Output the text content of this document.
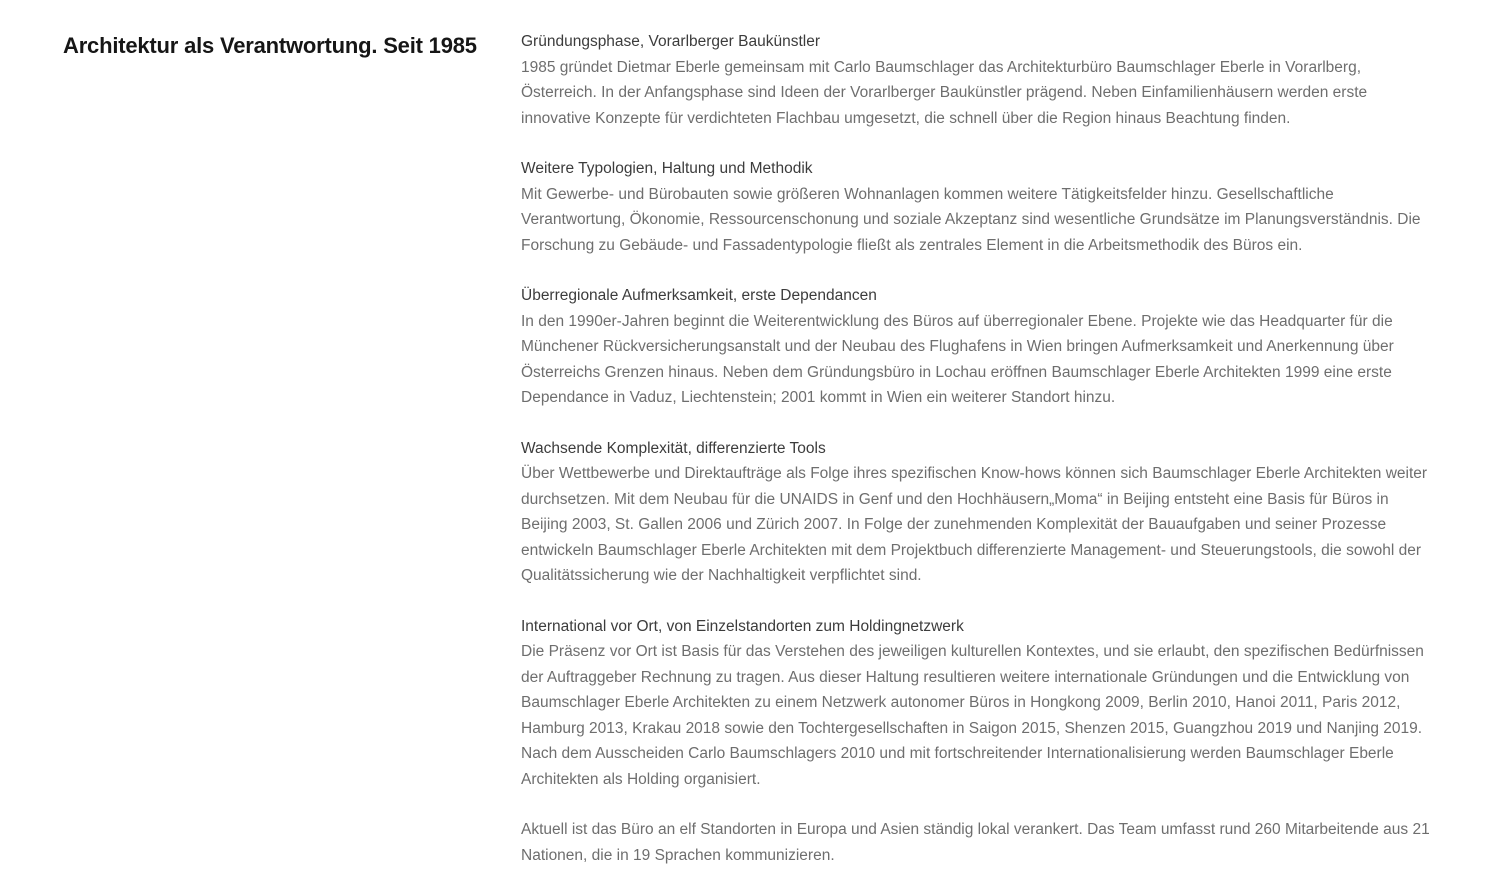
Architektur als Verantwortung. Seit 1985	Gründungsphase, Vorarlberger Baukünstler

1985 gründet Dietmar Eberle gemeinsam mit Carlo Baumschlager das Architekturbüro Baumschlager Eberle in Vorarlberg, Österreich. In der Anfangsphase sind Ideen der Vorarlberger Baukünstler prägend. Neben Einfamilienhäusern werden erste innovative Konzepte für verdichteten Flachbau umgesetzt, die schnell über die Region hinaus Beachtung finden.

Weitere Typologien, Haltung und Methodik

Mit Gewerbe- und Bürobauten sowie größeren Wohnanlagen kommen weitere Tätigkeitsfelder hinzu. Gesellschaftliche Verantwortung, Ökonomie, Ressourcenschonung und soziale Akzeptanz sind wesentliche Grundsätze im Planungsverständnis. Die Forschung zu Gebäude- und Fassadentypologie fließt als zentrales Element in die Arbeitsmethodik des Büros ein.

Überregionale Aufmerksamkeit, erste Dependancen

In den 1990er-Jahren beginnt die Weiterentwicklung des Büros auf überregionaler Ebene. Projekte wie das Headquarter für die Münchener Rückversicherungsanstalt und der Neubau des Flughafens in Wien bringen Aufmerksamkeit und Anerkennung über Österreichs Grenzen hinaus. Neben dem Gründungsbüro in Lochau eröffnen Baumschlager Eberle Architekten 1999 eine erste Dependance in Vaduz, Liechtenstein; 2001 kommt in Wien ein weiterer Standort hinzu.

Wachsende Komplexität, differenzierte Tools

Über Wettbewerbe und Direktaufträge als Folge ihres spezifischen Know-hows können sich Baumschlager Eberle Architekten weiter durchsetzen. Mit dem Neubau für die UNAIDS in Genf und den Hochhäusern„Moma“ in Beijing entsteht eine Basis für Büros in Beijing 2003, St. Gallen 2006 und Zürich 2007. In Folge der zunehmenden Komplexität der Bauaufgaben und seiner Prozesse entwickeln Baumschlager Eberle Architekten mit dem Projektbuch differenzierte Management- und Steuerungstools, die sowohl der Qualitätssicherung wie der Nachhaltigkeit verpflichtet sind.

International vor Ort, von Einzelstandorten zum Holdingnetzwerk

Die Präsenz vor Ort ist Basis für das Verstehen des jeweiligen kulturellen Kontextes, und sie erlaubt, den spezifischen Bedürfnissen der Auftraggeber Rechnung zu tragen. Aus dieser Haltung resultieren weitere internationale Gründungen und die Entwicklung von Baumschlager Eberle Architekten zu einem Netzwerk autonomer Büros in Hongkong 2009, Berlin 2010, Hanoi 2011, Paris 2012, Hamburg 2013, Krakau 2018 sowie den Tochtergesellschaften in Saigon 2015, Shenzen 2015, Guangzhou 2019 und Nanjing 2019. Nach dem Ausscheiden Carlo Baumschlagers 2010 und mit fortschreitender Internationalisierung werden Baumschlager Eberle Architekten als Holding organisiert.

Aktuell ist das Büro an elf Standorten in Europa und Asien ständig lokal verankert. Das Team umfasst rund 260 Mitarbeitende aus 21 Nationen, die in 19 Sprachen kommunizieren.
